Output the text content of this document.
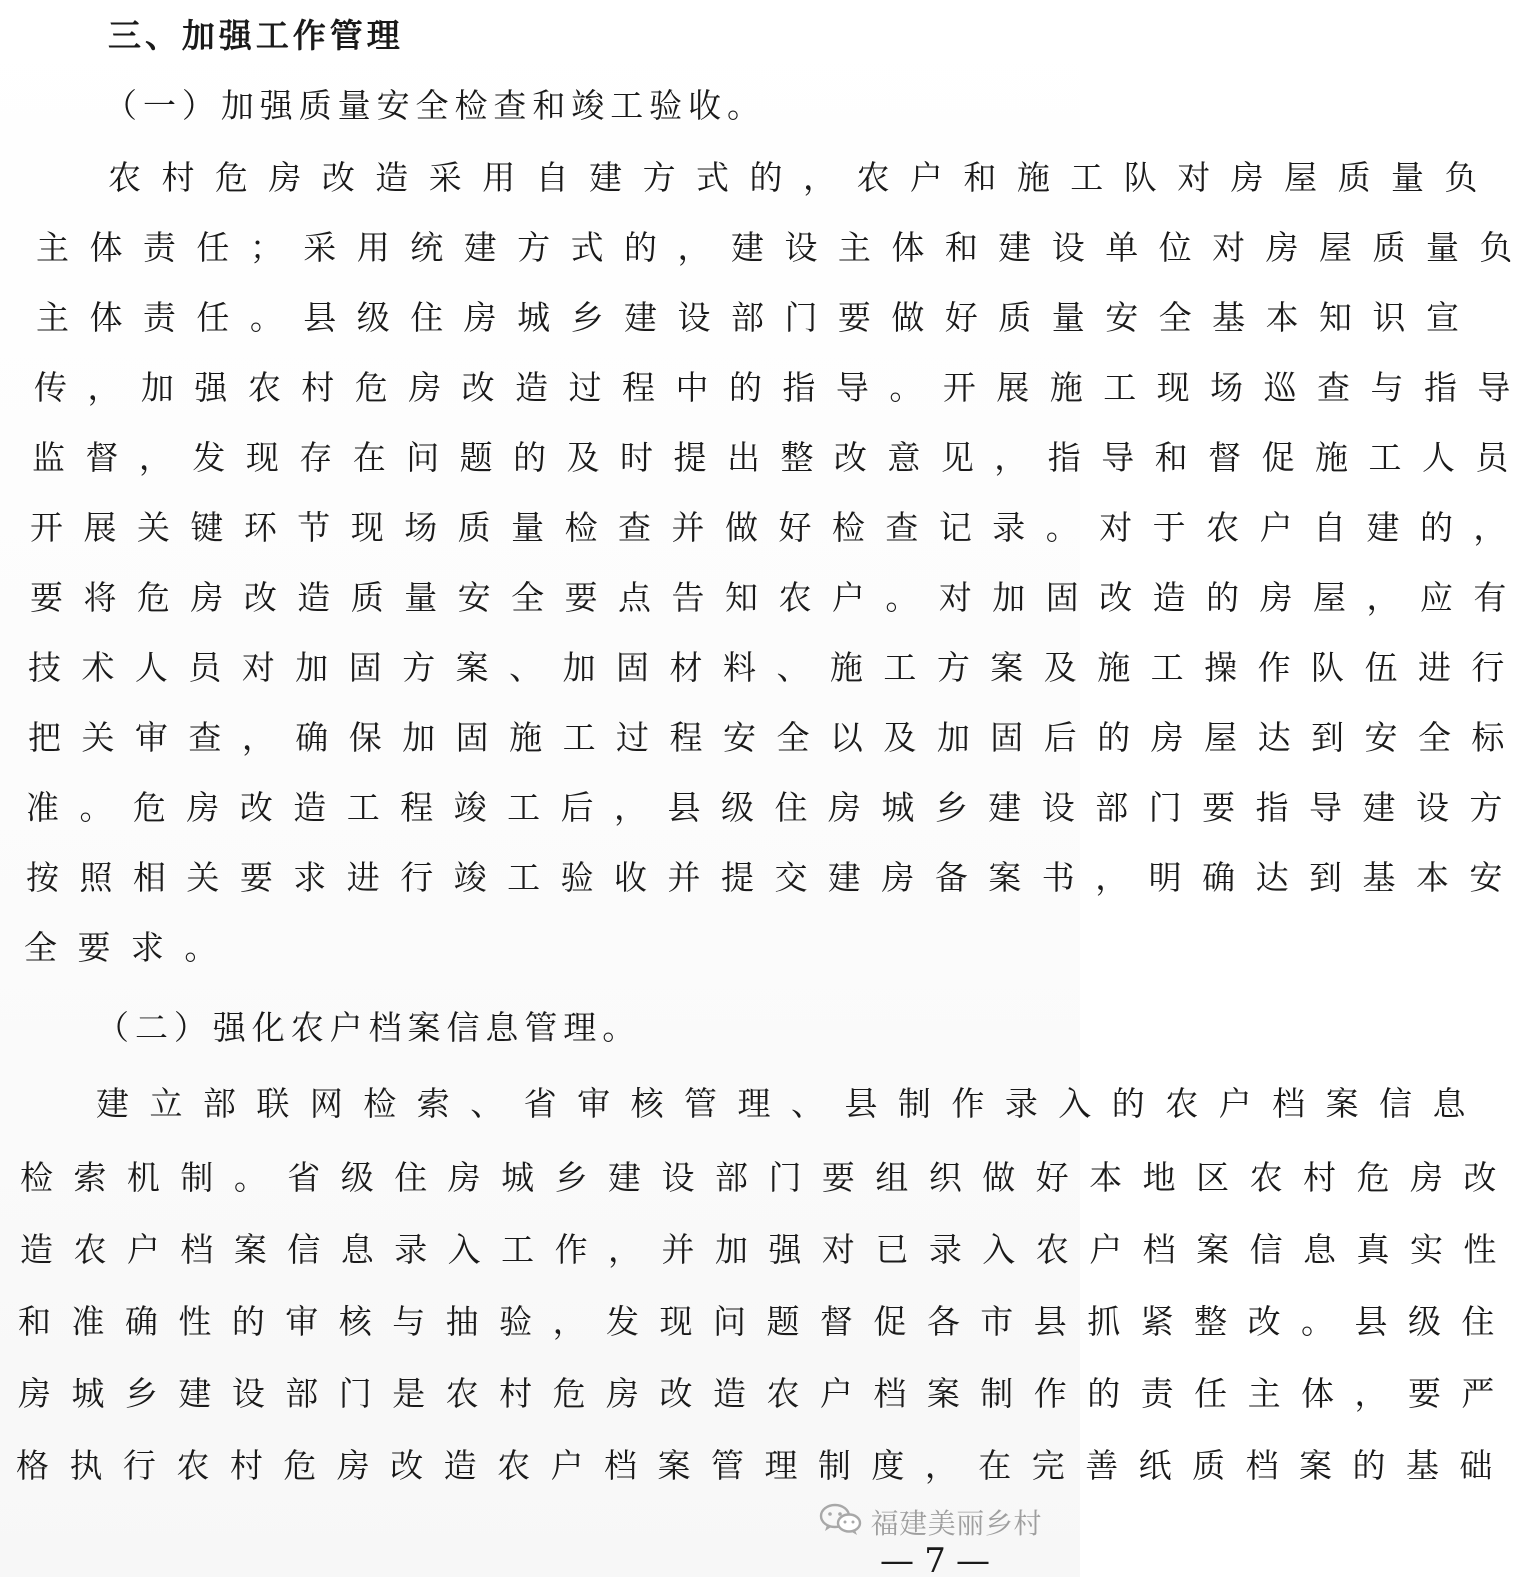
三、加强工作管理
（一）加强质量安全检查和竣工验收。
农村危房改造采用自建方式的，农户和施工队对房屋质量负
主体责任；采用统建方式的，建设主体和建设单位对房屋质量负
主体责任。县级住房城乡建设部门要做好质量安全基本知识宣
传，加强农村危房改造过程中的指导。开展施工现场巡查与指导
监督，发现存在问题的及时提出整改意见，指导和督促施工人员
开展关键环节现场质量检查并做好检查记录。对于农户自建的，
要将危房改造质量安全要点告知农户。对加固改造的房屋，应有
技术人员对加固方案、加固材料、施工方案及施工操作队伍进行
把关审查，确保加固施工过程安全以及加固后的房屋达到安全标
准。危房改造工程竣工后，县级住房城乡建设部门要指导建设方
按照相关要求进行竣工验收并提交建房备案书，明确达到基本安
全要求。
（二）强化农户档案信息管理。
建立部联网检索、省审核管理、县制作录入的农户档案信息
检索机制。省级住房城乡建设部门要组织做好本地区农村危房改
造农户档案信息录入工作，并加强对已录入农户档案信息真实性
和准确性的审核与抽验，发现问题督促各市县抓紧整改。县级住
房城乡建设部门是农村危房改造农户档案制作的责任主体，要严
格执行农村危房改造农户档案管理制度，在完善纸质档案的基础
福建美丽乡村
—7—
